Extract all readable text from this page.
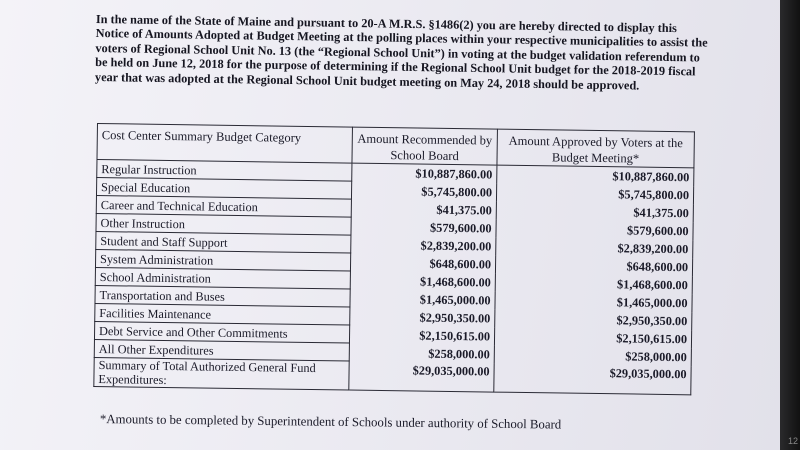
In the name of the State of Maine and pursuant to 20-A M.R.S. §1486(2) you are hereby directed to display this Notice of Amounts Adopted at Budget Meeting at the polling places within your respective municipalities to assist the voters of Regional School Unit No. 13 (the “Regional School Unit”) in voting at the budget validation referendum to be held on June 12, 2018 for the purpose of determining if the Regional School Unit budget for the 2018-2019 fiscal year that was adopted at the Regional School Unit budget meeting on May 24, 2018 should be approved.

Cost Center Summary Budget Category	Amount Recommended by School Board	Amount Approved by Voters at the Budget Meeting*
Regular Instruction	$10,887,860.00	$10,887,860.00
Special Education	$5,745,800.00	$5,745,800.00
Career and Technical Education	$41,375.00	$41,375.00
Other Instruction	$579,600.00	$579,600.00
Student and Staff Support	$2,839,200.00	$2,839,200.00
System Administration	$648,600.00	$648,600.00
School Administration	$1,468,600.00	$1,468,600.00
Transportation and Buses	$1,465,000.00	$1,465,000.00
Facilities Maintenance	$2,950,350.00	$2,950,350.00
Debt Service and Other Commitments	$2,150,615.00	$2,150,615.00
All Other Expenditures	$258,000.00	$258,000.00
Summary of Total Authorized General Fund Expenditures:	$29,035,000.00	$29,035,000.00
*Amounts to be completed by Superintendent of Schools under authority of School Board
12
